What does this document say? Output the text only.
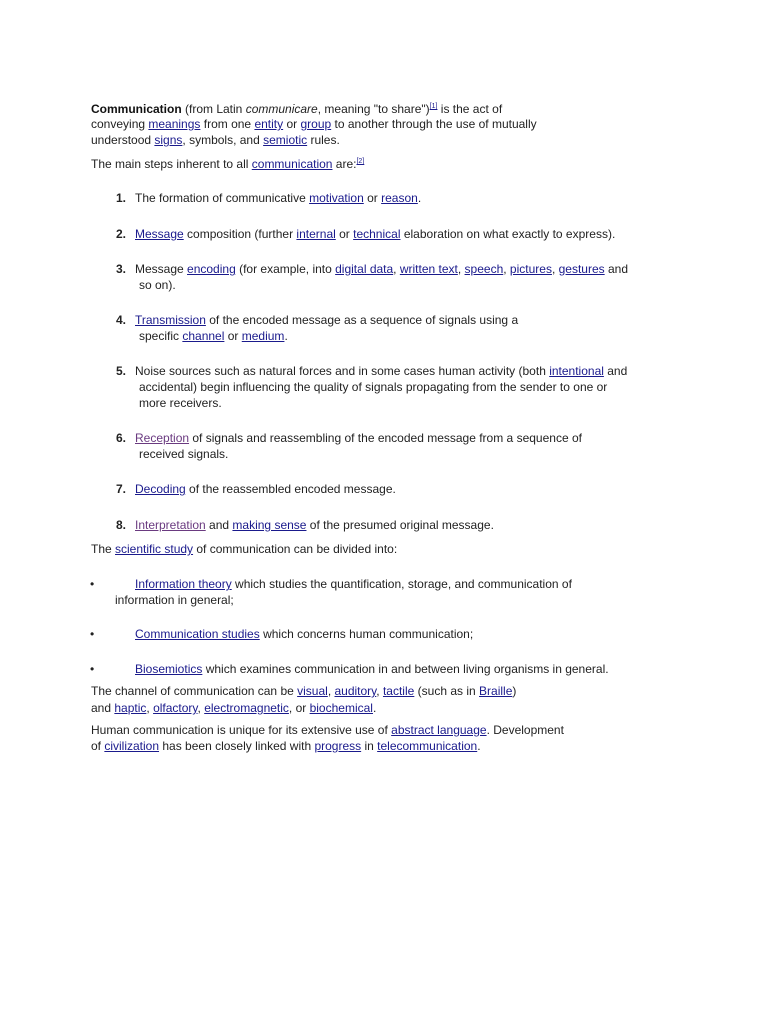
Communication (from Latin communicare, meaning "to share")[1] is the act of
conveying meanings from one entity or group to another through the use of mutually
understood signs, symbols, and semiotic rules.
The main steps inherent to all communication are:[2]
1. The formation of communicative motivation or reason.
2. Message composition (further internal or technical elaboration on what exactly to express).
3. Message encoding (for example, into digital data, written text, speech, pictures, gestures and
so on).
4. Transmission of the encoded message as a sequence of signals using a
specific channel or medium.
5. Noise sources such as natural forces and in some cases human activity (both intentional and
accidental) begin influencing the quality of signals propagating from the sender to one or
more receivers.
6. Reception of signals and reassembling of the encoded message from a sequence of
received signals.
7. Decoding of the reassembled encoded message.
8. Interpretation and making sense of the presumed original message.
The scientific study of communication can be divided into:
•	Information theory which studies the quantification, storage, and communication of
information in general;
•	Communication studies which concerns human communication;
•	Biosemiotics which examines communication in and between living organisms in general.
The channel of communication can be visual, auditory, tactile (such as in Braille)
and haptic, olfactory, electromagnetic, or biochemical.
Human communication is unique for its extensive use of abstract language. Development
of civilization has been closely linked with progress in telecommunication.
